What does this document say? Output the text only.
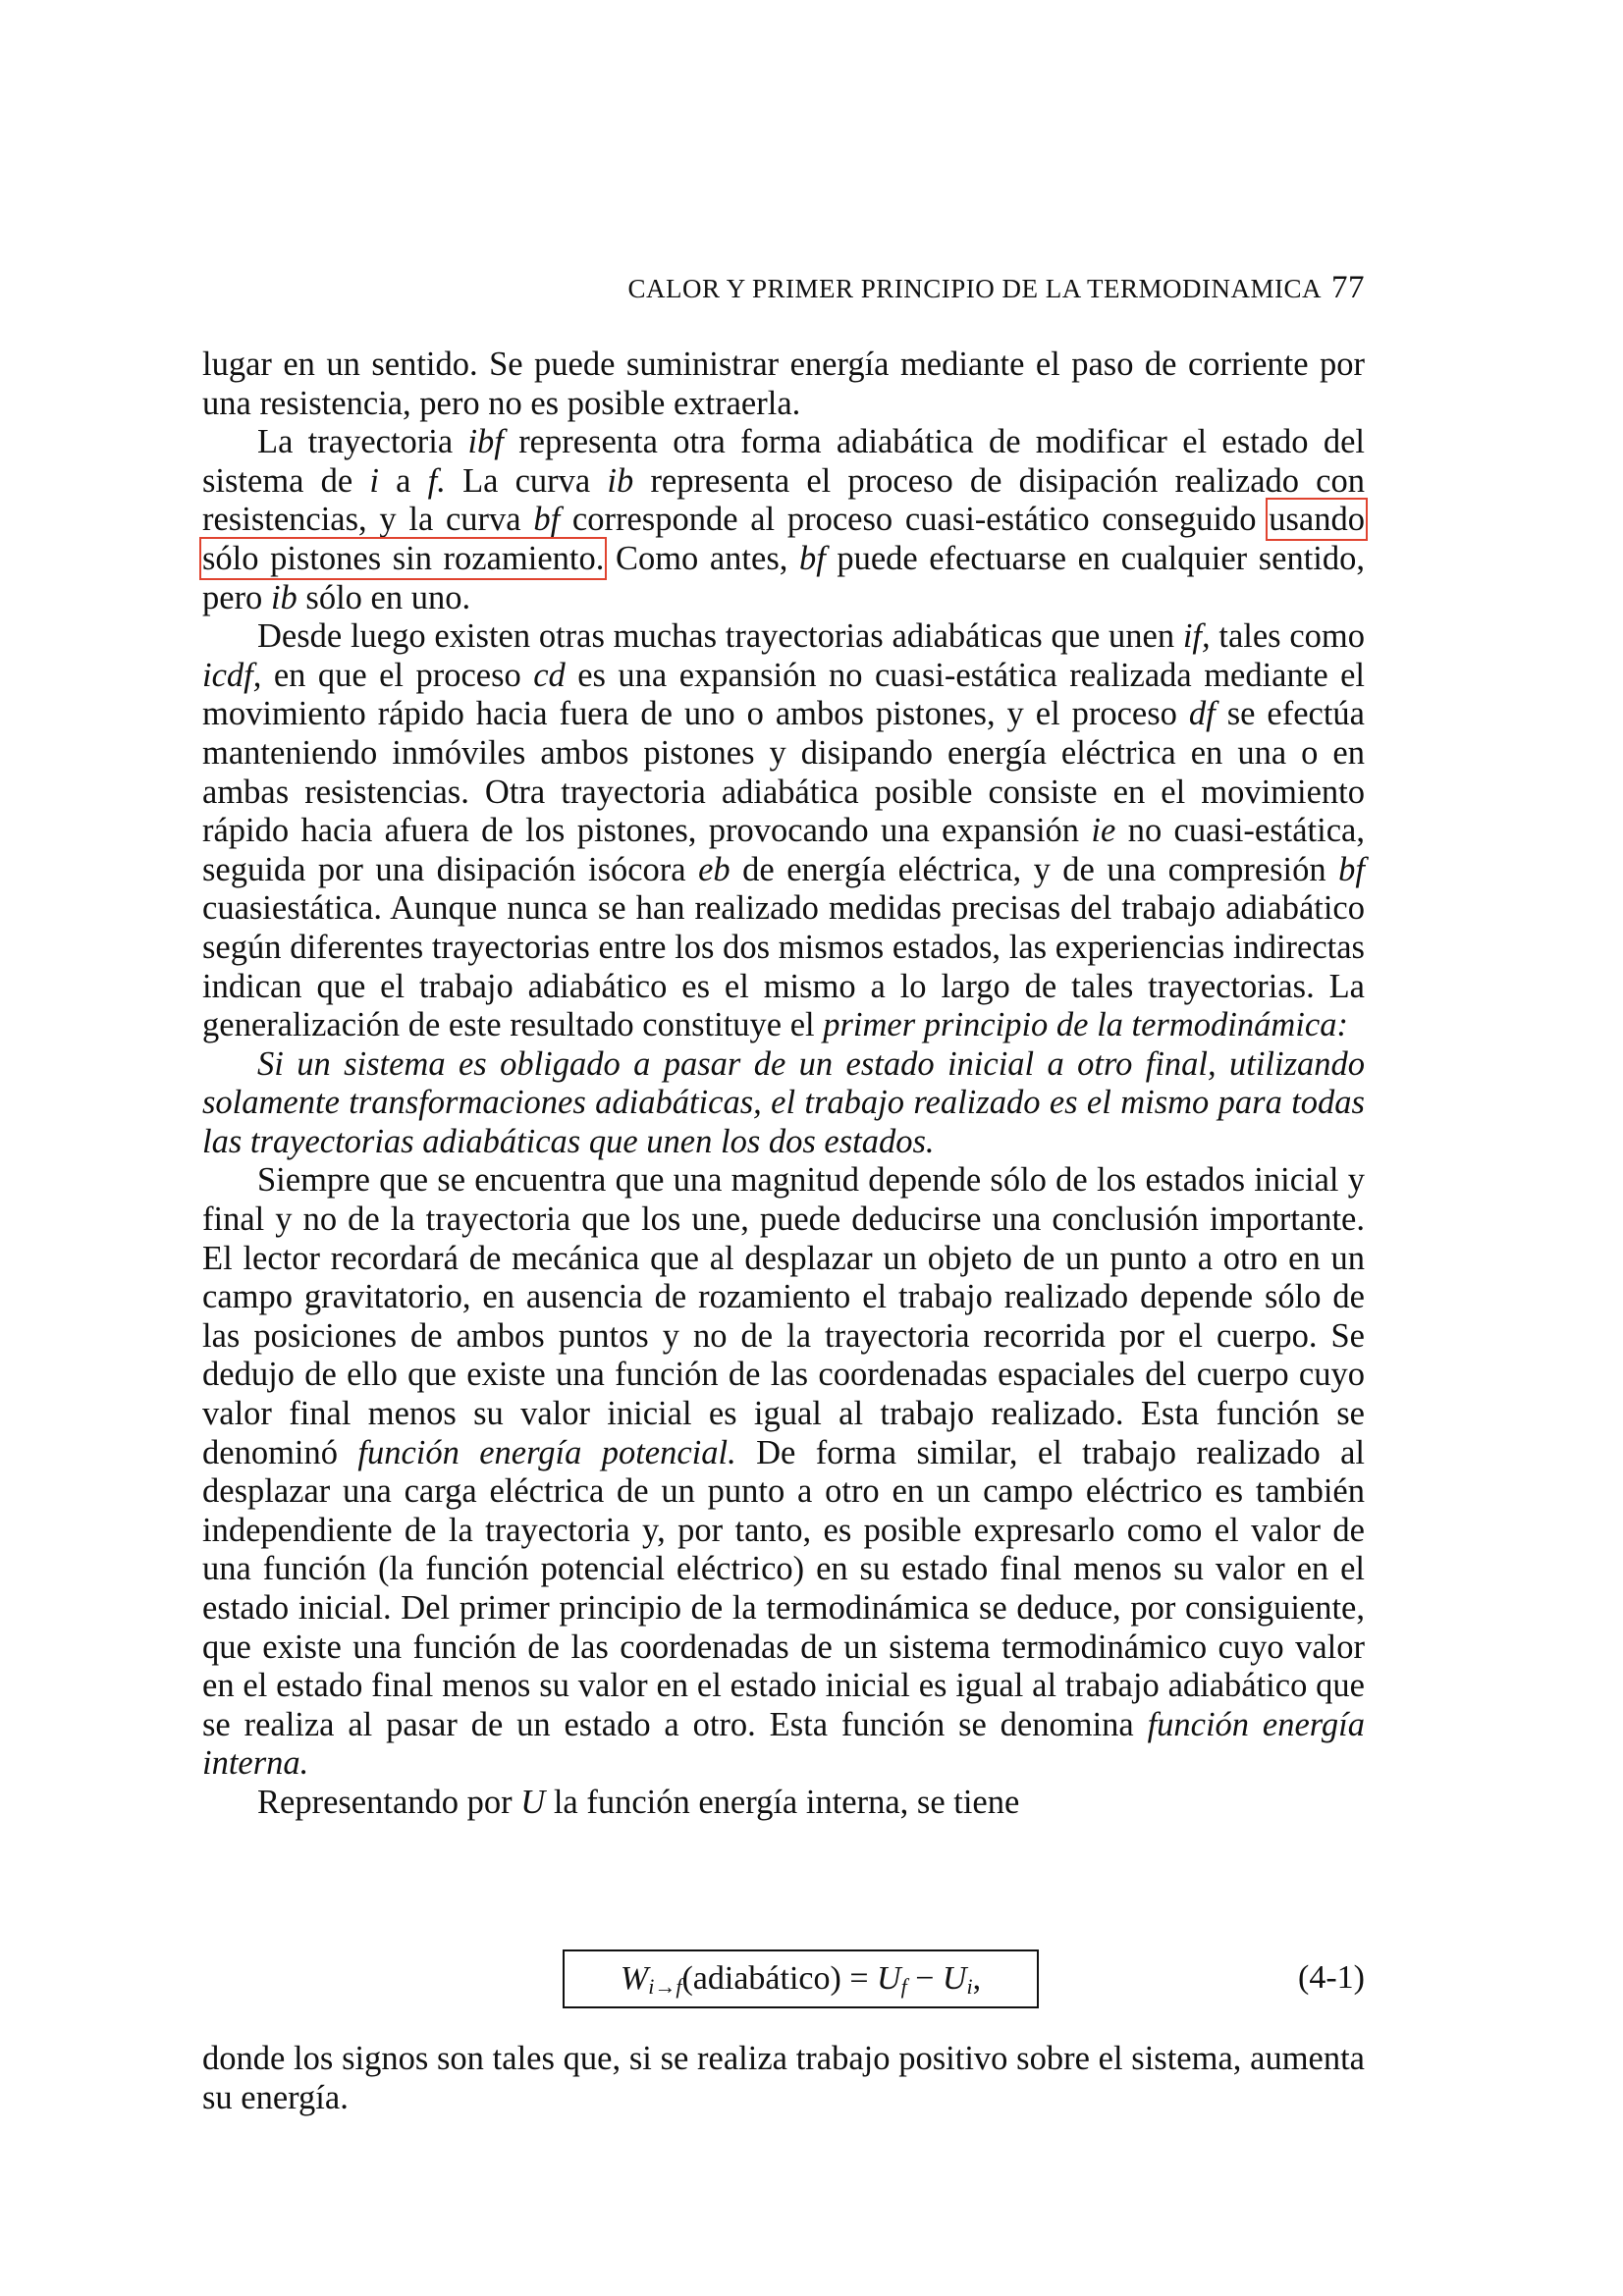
CALOR Y PRIMER PRINCIPIO DE LA TERMODINAMICA 77

lugar en un sentido. Se puede suministrar energía mediante el paso de corriente por una resistencia, pero no es posible extraerla.

La trayectoria ibf representa otra forma adiabática de modificar el estado del sistema de i a f. La curva ib representa el proceso de disipación realizado con resistencias, y la curva bf corresponde al proceso cuasi-estático conseguido usando sólo pistones sin rozamiento. Como antes, bf puede efectuarse en cualquier sentido, pero ib sólo en uno.

Desde luego existen otras muchas trayectorias adiabáticas que unen if, tales como icdf, en que el proceso cd es una expansión no cuasi-estática realizada mediante el movimiento rápido hacia fuera de uno o ambos pistones, y el proceso df se efectúa manteniendo inmóviles ambos pistones y disipando energía eléctrica en una o en ambas resistencias. Otra trayectoria adiabática posible consiste en el movimiento rápido hacia afuera de los pistones, provocando una expansión ie no cuasi-estática, seguida por una disipación isócora eb de energía eléctrica, y de una compresión bf cuasiestática. Aunque nunca se han realizado medidas precisas del trabajo adiabático según diferentes trayectorias entre los dos mismos estados, las experiencias indirectas indican que el trabajo adiabático es el mismo a lo largo de tales trayectorias. La generalización de este resultado constituye el primer principio de la termodinámica:

Si un sistema es obligado a pasar de un estado inicial a otro final, utilizando solamente transformaciones adiabáticas, el trabajo realizado es el mismo para todas las trayectorias adiabáticas que unen los dos estados.

Siempre que se encuentra que una magnitud depende sólo de los estados inicial y final y no de la trayectoria que los une, puede deducirse una conclusión importante. El lector recordará de mecánica que al desplazar un objeto de un punto a otro en un campo gravitatorio, en ausencia de rozamiento el trabajo realizado depende sólo de las posiciones de ambos puntos y no de la trayectoria recorrida por el cuerpo. Se dedujo de ello que existe una función de las coordenadas espaciales del cuerpo cuyo valor final menos su valor inicial es igual al trabajo realizado. Esta función se denominó función energía potencial. De forma similar, el trabajo realizado al desplazar una carga eléctrica de un punto a otro en un campo eléctrico es también independiente de la trayectoria y, por tanto, es posible expresarlo como el valor de una función (la función potencial eléctrico) en su estado final menos su valor en el estado inicial. Del primer principio de la termodinámica se deduce, por consiguiente, que existe una función de las coordenadas de un sistema termodinámico cuyo valor en el estado final menos su valor en el estado inicial es igual al trabajo adiabático que se realiza al pasar de un estado a otro. Esta función se denomina función energía interna.

Representando por U la función energía interna, se tiene

W i→f (adiabático) = U f − U i ,	(4-1)

donde los signos son tales que, si se realiza trabajo positivo sobre el sistema, aumenta su energía.
